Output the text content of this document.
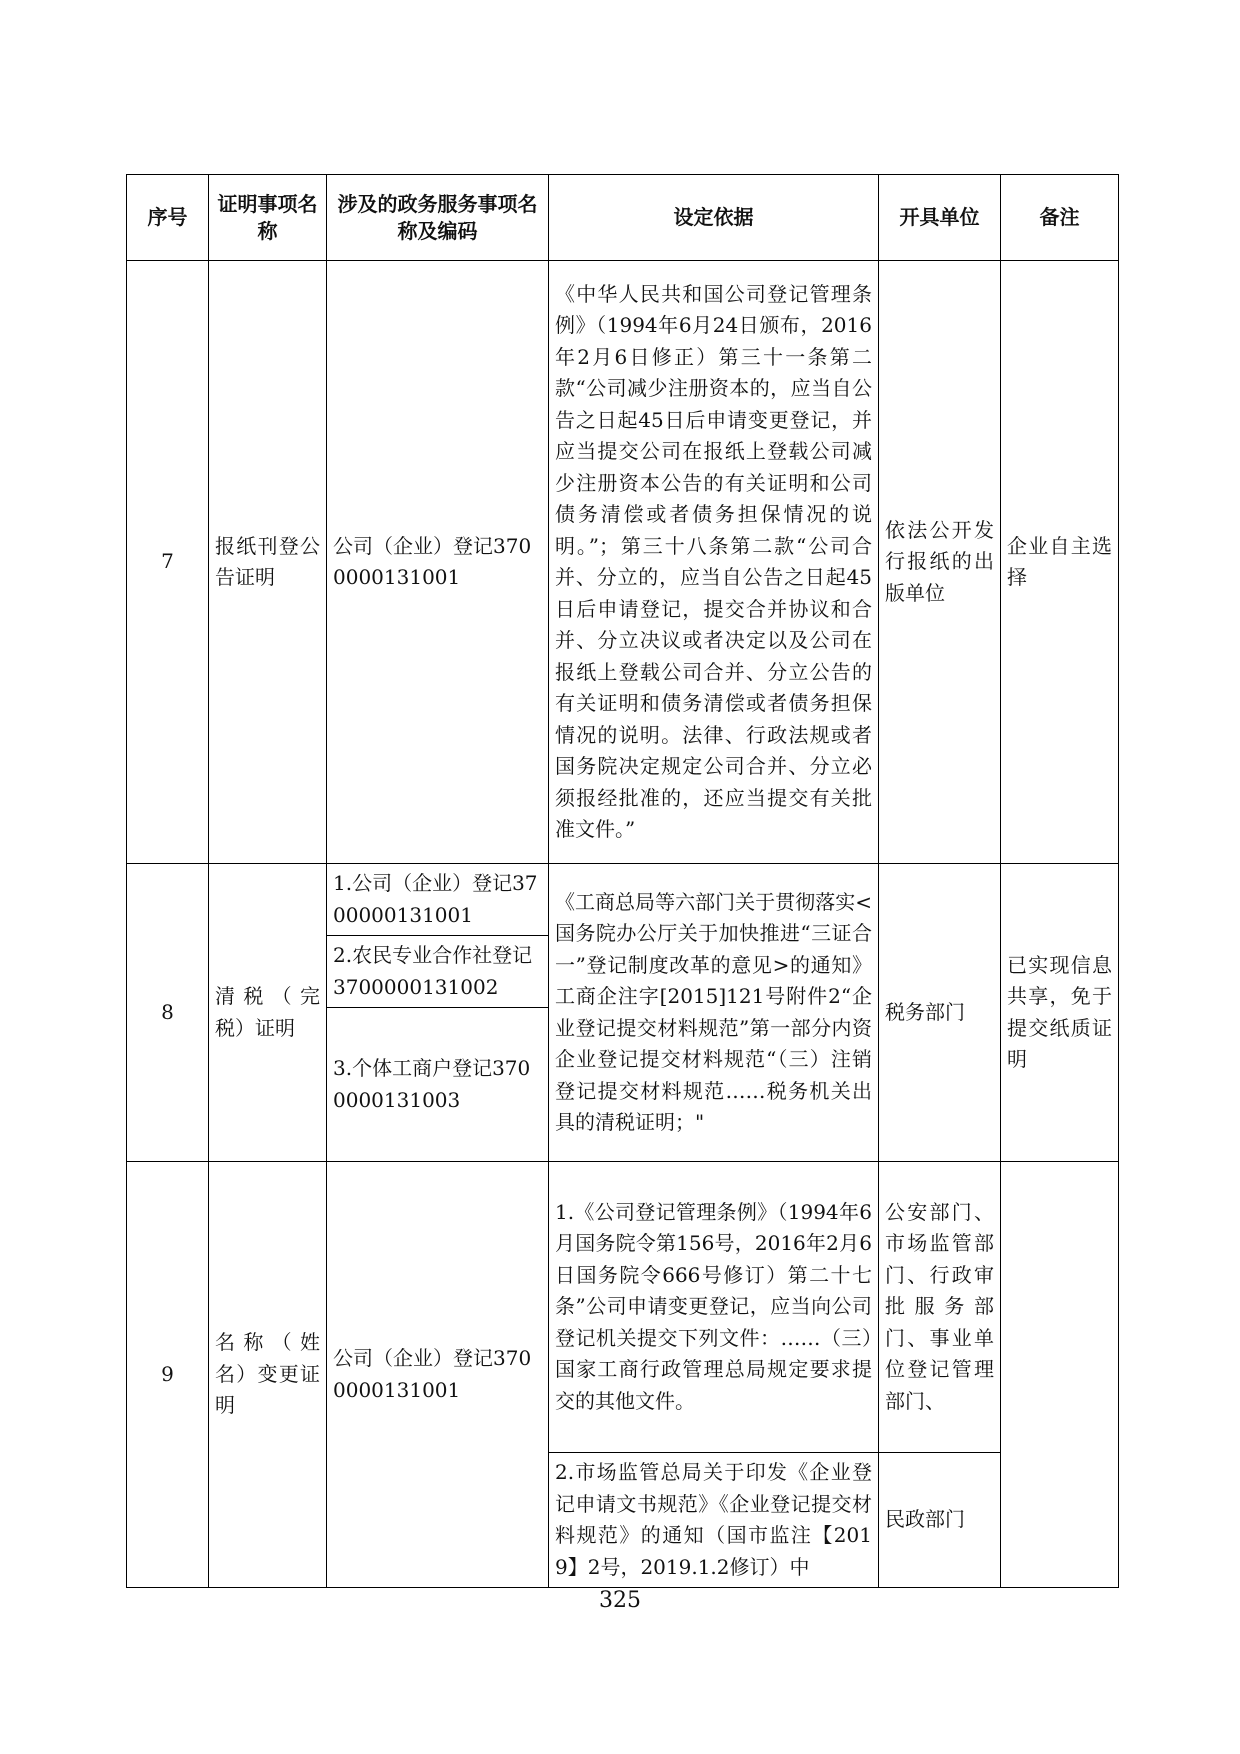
序号	证明事项名称	涉及的政务服务事项名称及编码	设定依据	开具单位	备注
7	报纸刊登公告证明	公司（企业）登记3700000131001	《中华人民共和国公司登记管理条例》（1994年6月24日颁布，2016年2月6日修正）第三十一条第二款“公司减少注册资本的，应当自公告之日起45日后申请变更登记，并应当提交公司在报纸上登载公司减少注册资本公告的有关证明和公司债务清偿或者债务担保情况的说明。”；第三十八条第二款“公司合并、分立的，应当自公告之日起45日后申请登记，提交合并协议和合并、分立决议或者决定以及公司在报纸上登载公司合并、分立公告的有关证明和债务清偿或者债务担保情况的说明。法律、行政法规或者国务院决定规定公司合并、分立必须报经批准的，还应当提交有关批准文件。”	依法公开发行报纸的出版单位	企业自主选择
8	清税（完税）证明	1.公司（企业）登记3700000131001	《工商总局等六部门关于贯彻落实<国务院办公厅关于加快推进“三证合一”登记制度改革的意见>的通知》工商企注字[2015]121号附件2“企业登记提交材料规范”第一部分内资企业登记提交材料规范“（三）注销登记提交材料规范……税务机关出具的清税证明；"	税务部门	已实现信息共享，免于提交纸质证明
		2.农民专业合作社登记3700000131002			
		3.个体工商户登记3700000131003			
9	名称（姓名）变更证明	公司（企业）登记3700000131001	1.《公司登记管理条例》（1994年6月国务院令第156号，2016年2月6日国务院令666号修订）第二十七条”公司申请变更登记，应当向公司登记机关提交下列文件：……（三）国家工商行政管理总局规定要求提交的其他文件。	公安部门、市场监管部门、行政审批服务部门、事业单位登记管理部门、	
			2.市场监管总局关于印发《企业登记申请文书规范》《企业登记提交材料规范》的通知（国市监注【2019】2号，2019.1.2修订）中	民政部门	
325
